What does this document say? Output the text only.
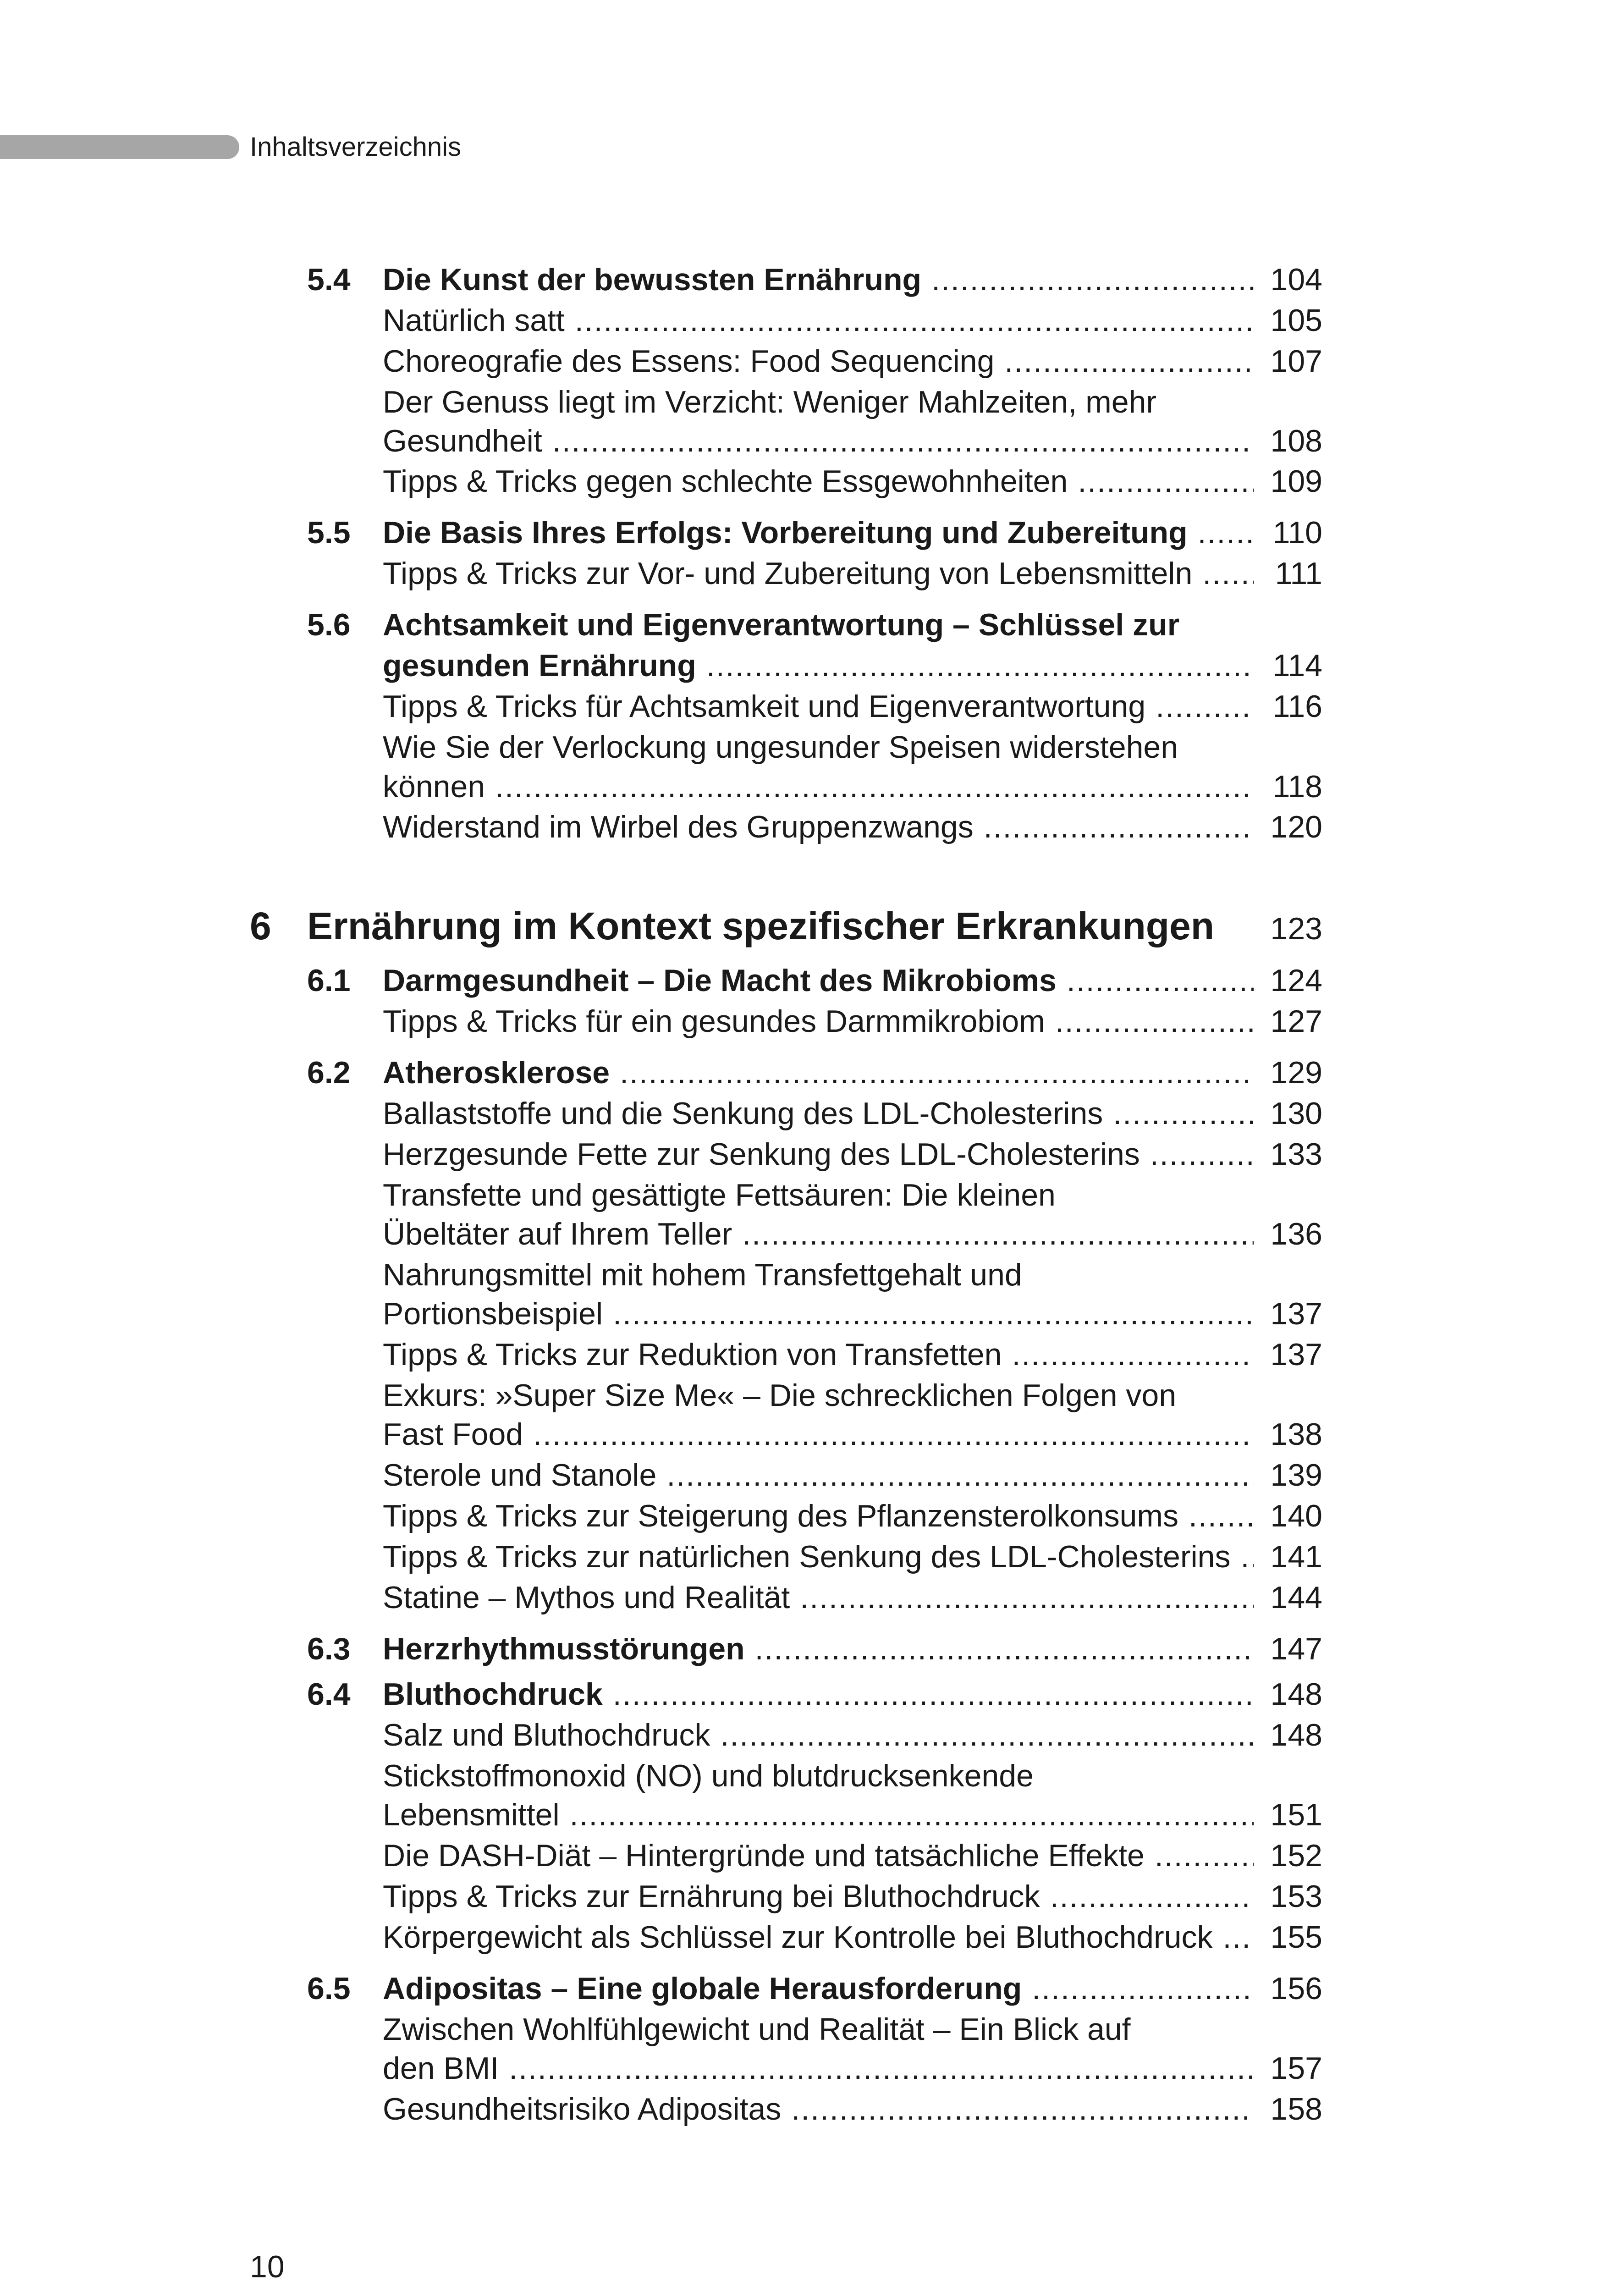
Inhaltsverzeichnis
5.4 Die Kunst der bewussten Ernährung .....	104
Natürlich satt .....	105
Choreografie des Essens: Food Sequencing .....	107
Der Genuss liegt im Verzicht: Weniger Mahlzeiten, mehr
Gesundheit .....	108
Tipps & Tricks gegen schlechte Essgewohnheiten .....	109
5.5 Die Basis Ihres Erfolgs: Vorbereitung und Zubereitung .....	110
Tipps & Tricks zur Vor- und Zubereitung von Lebensmitteln .....	111
5.6 Achtsamkeit und Eigenverantwortung – Schlüssel zur
gesunden Ernährung .....	114
Tipps & Tricks für Achtsamkeit und Eigenverantwortung .....	116
Wie Sie der Verlockung ungesunder Speisen widerstehen
können .....	118
Widerstand im Wirbel des Gruppenzwangs .....	120
6 Ernährung im Kontext spezifischer Erkrankungen 123
6.1 Darmgesundheit – Die Macht des Mikrobioms .....	124
Tipps & Tricks für ein gesundes Darmmikrobiom .....	127
6.2 Atherosklerose .....	129
Ballaststoffe und die Senkung des LDL-Cholesterins .....	130
Herzgesunde Fette zur Senkung des LDL-Cholesterins .....	133
Transfette und gesättigte Fettsäuren: Die kleinen
Übeltäter auf Ihrem Teller .....	136
Nahrungsmittel mit hohem Transfettgehalt und
Portionsbeispiel .....	137
Tipps & Tricks zur Reduktion von Transfetten .....	137
Exkurs: »Super Size Me« – Die schrecklichen Folgen von
Fast Food .....	138
Sterole und Stanole .....	139
Tipps & Tricks zur Steigerung des Pflanzensterolkonsums .....	140
Tipps & Tricks zur natürlichen Senkung des LDL-Cholesterins ..... 141
Statine – Mythos und Realität .....	144
6.3 Herzrhythmusstörungen .....	147
6.4 Bluthochdruck .....	148
Salz und Bluthochdruck .....	148
Stickstoffmonoxid (NO) und blutdrucksenkende
Lebensmittel .....	151
Die DASH-Diät – Hintergründe und tatsächliche Effekte .....	152
Tipps & Tricks zur Ernährung bei Bluthochdruck .....	153
Körpergewicht als Schlüssel zur Kontrolle bei Bluthochdruck ..... 155
6.5 Adipositas – Eine globale Herausforderung .....	156
Zwischen Wohlfühlgewicht und Realität – Ein Blick auf
den BMI .....	157
Gesundheitsrisiko Adipositas .....	158
10
